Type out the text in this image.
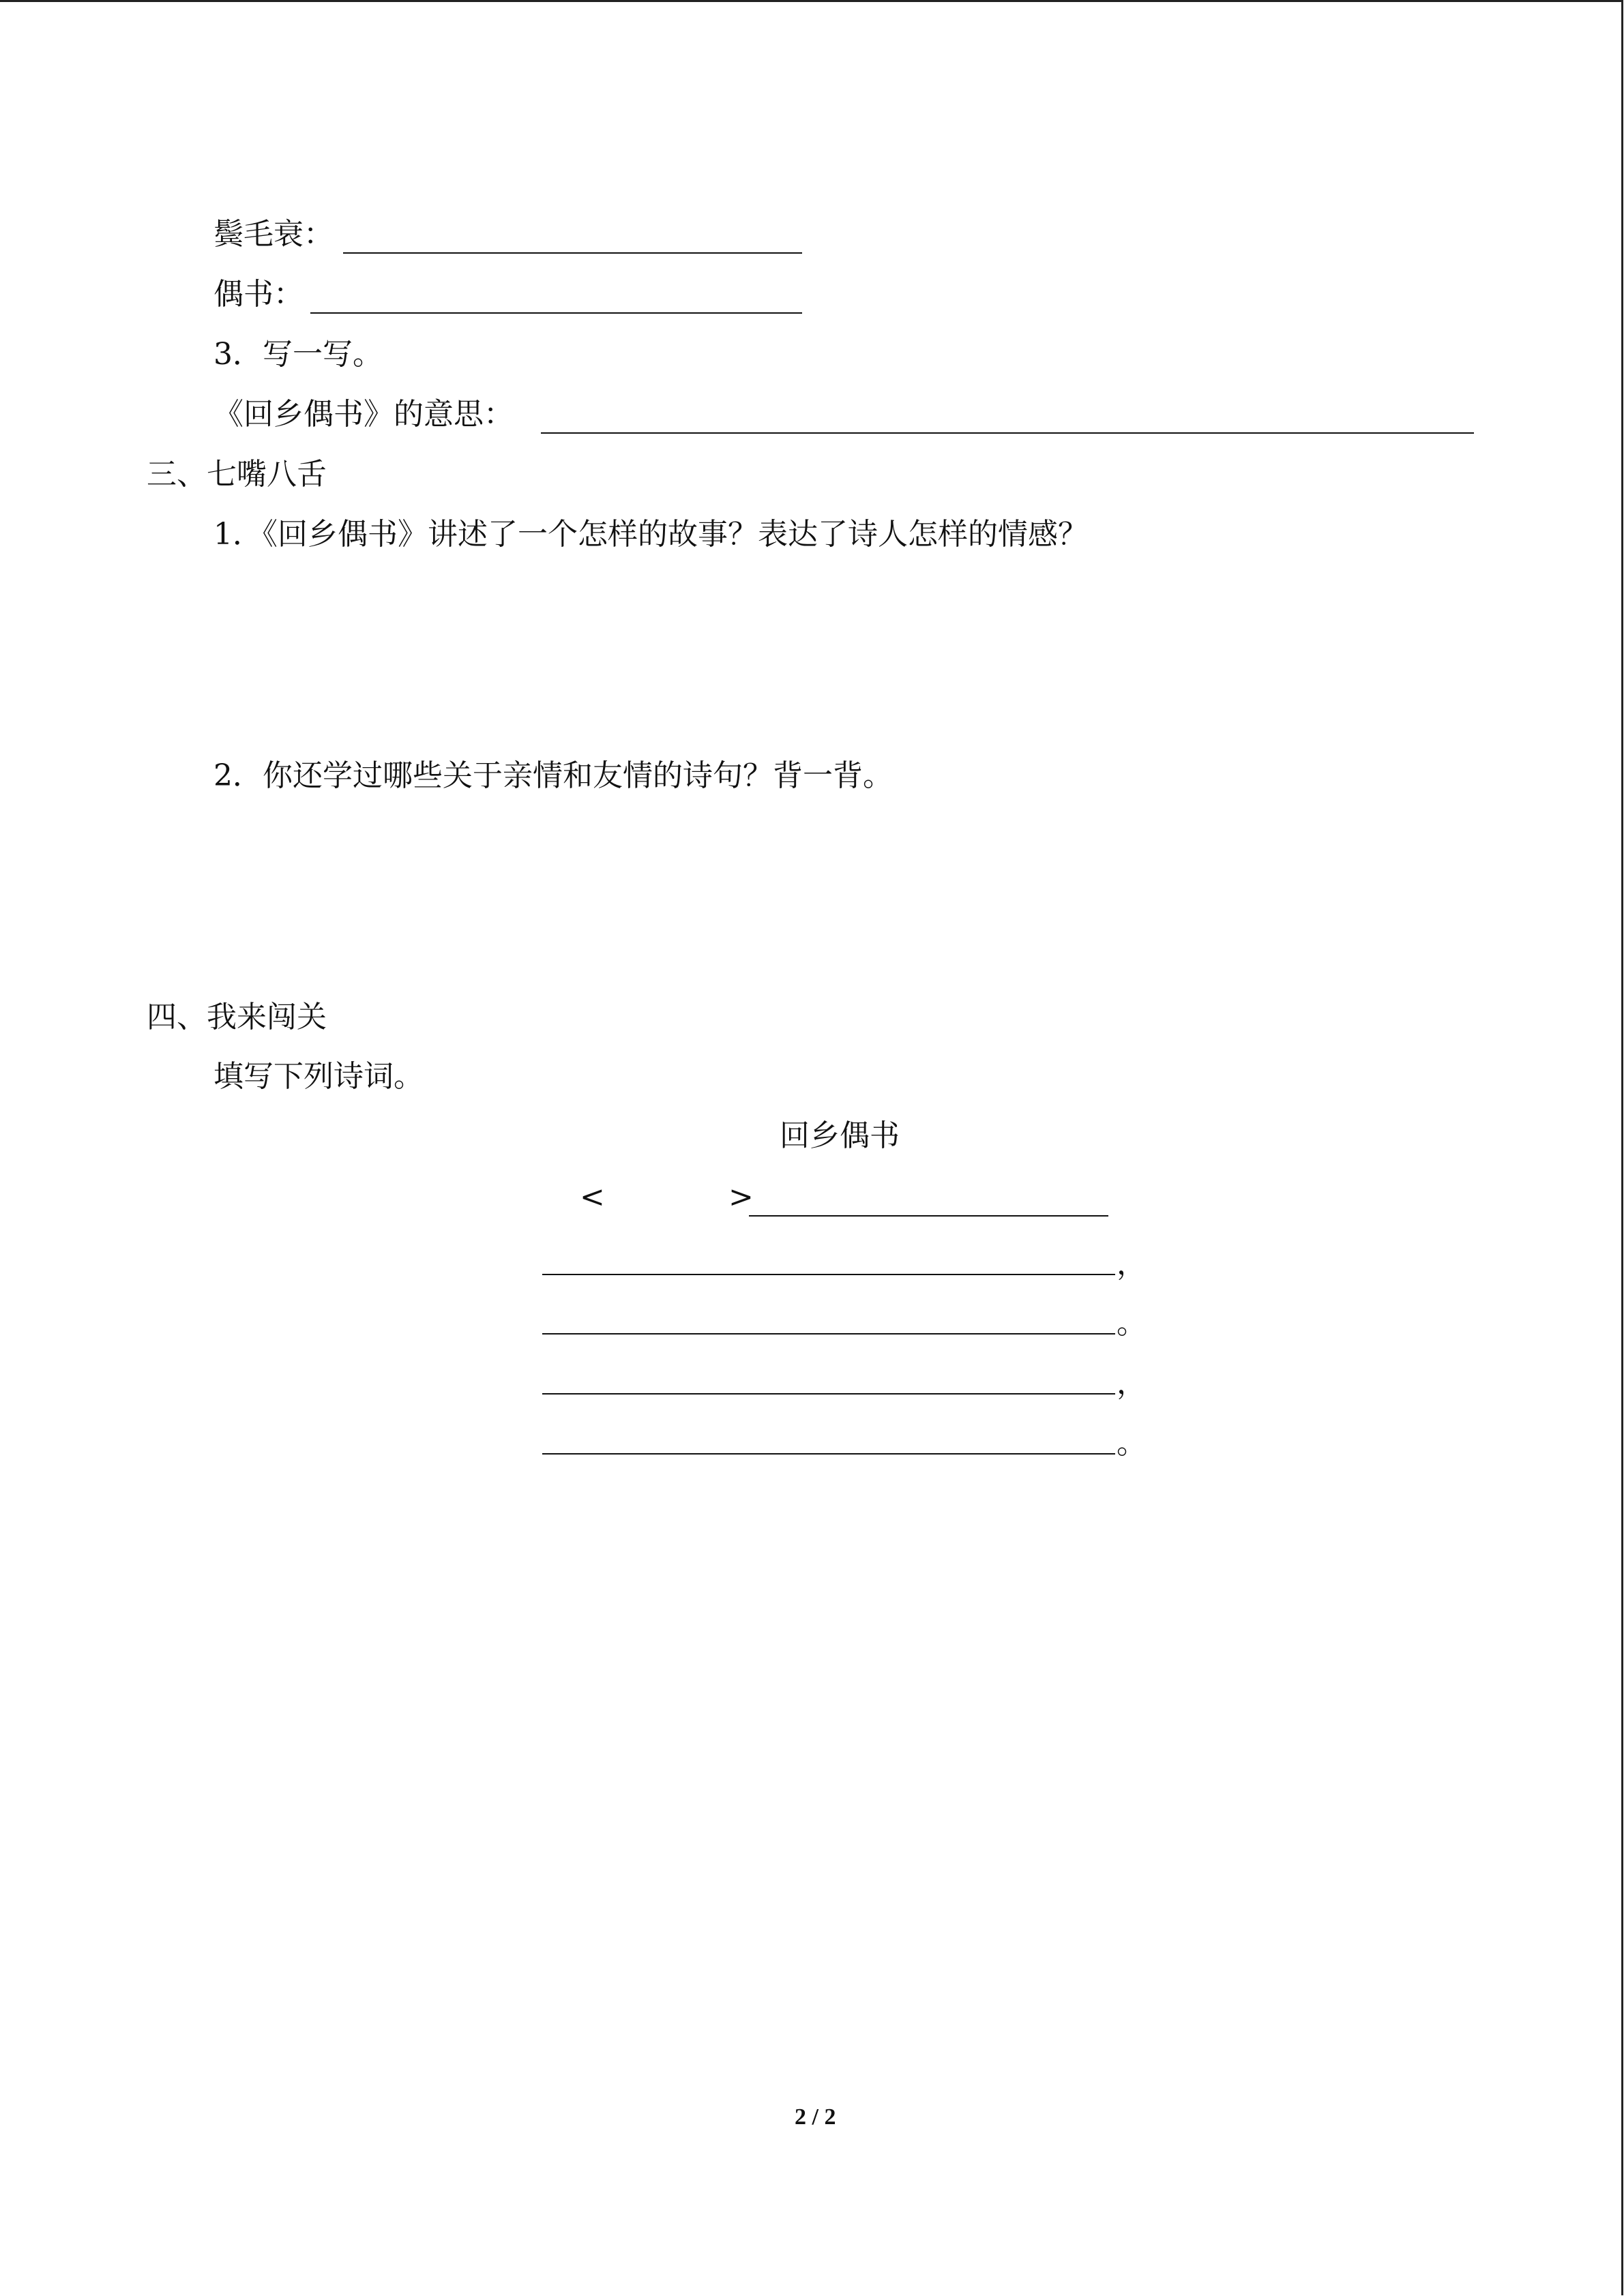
鬓毛衰：
偶书：
3．写一写。
《回乡偶书》的意思：
三、七嘴八舌
1．《回乡偶书》讲述了一个怎样的故事？表达了诗人怎样的情感？
2．你还学过哪些关于亲情和友情的诗句？背一背。
四、我来闯关
填写下列诗词。
回乡偶书
<	>
，
。
，
。
2 / 2
